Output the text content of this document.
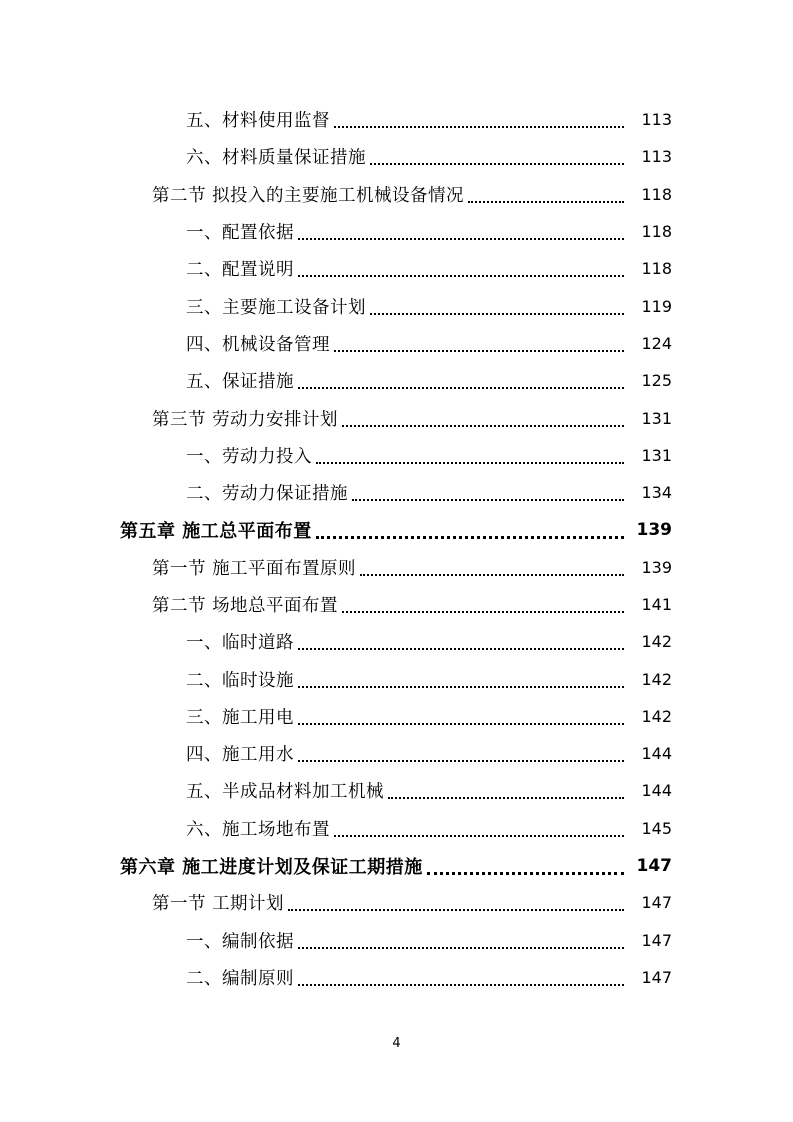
五、材料使用监督	113
六、材料质量保证措施	113
第二节 拟投入的主要施工机械设备情况	118
一、配置依据	118
二、配置说明	118
三、主要施工设备计划	119
四、机械设备管理	124
五、保证措施	125
第三节 劳动力安排计划	131
一、劳动力投入	131
二、劳动力保证措施	134
第五章 施工总平面布置	139
第一节 施工平面布置原则	139
第二节 场地总平面布置	141
一、临时道路	142
二、临时设施	142
三、施工用电	142
四、施工用水	144
五、半成品材料加工机械	144
六、施工场地布置	145
第六章 施工进度计划及保证工期措施	147
第一节 工期计划	147
一、编制依据	147
二、编制原则	147
4
